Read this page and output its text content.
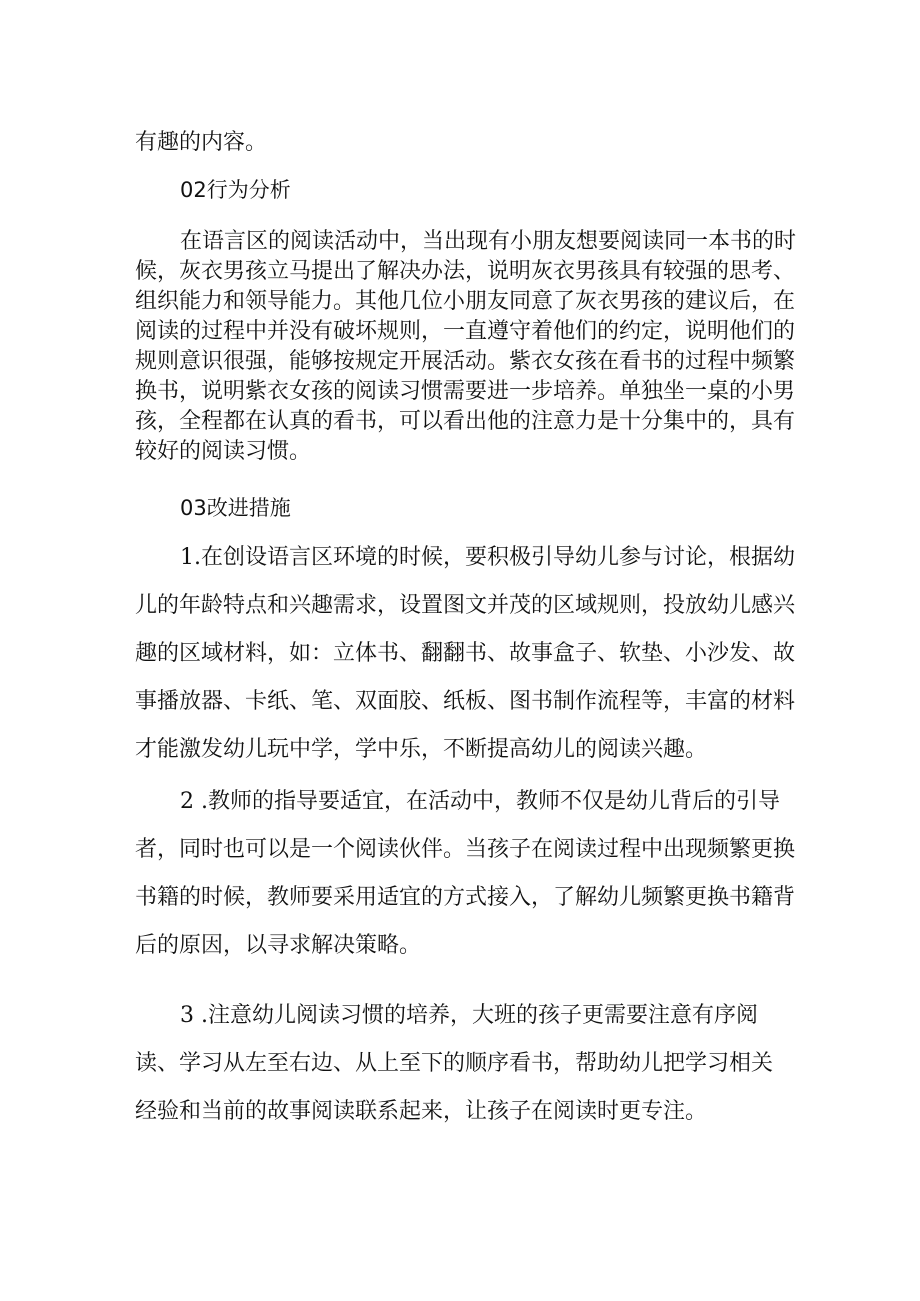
有趣的内容。
02行为分析
在语言区的阅读活动中，当出现有小朋友想要阅读同一本书的时
候，灰衣男孩立马提出了解决办法，说明灰衣男孩具有较强的思考、
组织能力和领导能力。其他几位小朋友同意了灰衣男孩的建议后，在
阅读的过程中并没有破坏规则，一直遵守着他们的约定，说明他们的
规则意识很强，能够按规定开展活动。紫衣女孩在看书的过程中频繁
换书，说明紫衣女孩的阅读习惯需要进一步培养。单独坐一桌的小男
孩，全程都在认真的看书，可以看出他的注意力是十分集中的，具有
较好的阅读习惯。
03改进措施
1.在创设语言区环境的时候，要积极引导幼儿参与讨论，根据幼
儿的年龄特点和兴趣需求，设置图文并茂的区域规则，投放幼儿感兴
趣的区域材料，如：立体书、翻翻书、故事盒子、软垫、小沙发、故
事播放器、卡纸、笔、双面胶、纸板、图书制作流程等，丰富的材料
才能激发幼儿玩中学，学中乐，不断提高幼儿的阅读兴趣。
2 .教师的指导要适宜，在活动中，教师不仅是幼儿背后的引导
者，同时也可以是一个阅读伙伴。当孩子在阅读过程中出现频繁更换
书籍的时候，教师要采用适宜的方式接入，了解幼儿频繁更换书籍背
后的原因，以寻求解决策略。
3 .注意幼儿阅读习惯的培养，大班的孩子更需要注意有序阅
读、学习从左至右边、从上至下的顺序看书，帮助幼儿把学习相关
经验和当前的故事阅读联系起来，让孩子在阅读时更专注。
